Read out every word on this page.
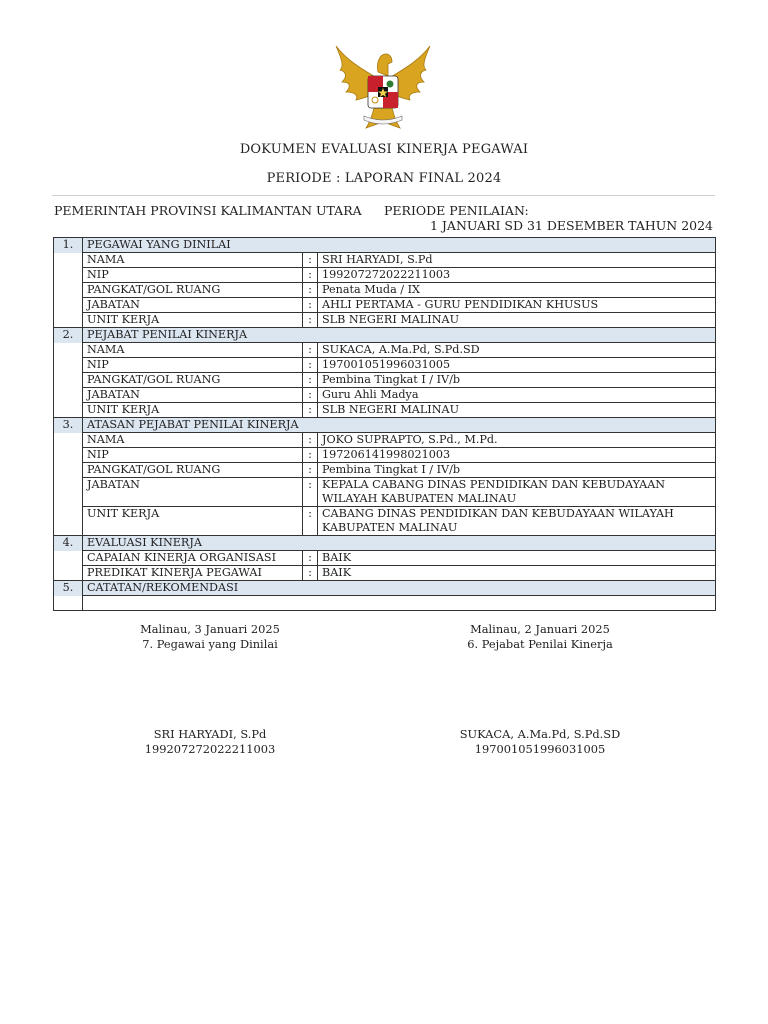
DOKUMEN EVALUASI KINERJA PEGAWAI
PERIODE : LAPORAN FINAL 2024
PEMERINTAH PROVINSI KALIMANTAN UTARA PERIODE PENILAIAN:
1 JANUARI SD 31 DESEMBER TAHUN 2024
1.	PEGAWAI YANG DINILAI		
	NAMA	:	SRI HARYADI, S.Pd
	NIP	:	199207272022211003
	PANGKAT/GOL RUANG	:	Penata Muda / IX
	JABATAN	:	AHLI PERTAMA - GURU PENDIDIKAN KHUSUS
	UNIT KERJA	:	SLB NEGERI MALINAU
2.	PEJABAT PENILAI KINERJA		
	NAMA	:	SUKACA, A.Ma.Pd, S.Pd.SD
	NIP	:	197001051996031005
	PANGKAT/GOL RUANG	:	Pembina Tingkat I / IV/b
	JABATAN	:	Guru Ahli Madya
	UNIT KERJA	:	SLB NEGERI MALINAU
3.	ATASAN PEJABAT PENILAI KINERJA		
	NAMA	:	JOKO SUPRAPTO, S.Pd., M.Pd.
	NIP	:	197206141998021003
	PANGKAT/GOL RUANG	:	Pembina Tingkat I / IV/b
	JABATAN	:	KEPALA CABANG DINAS PENDIDIKAN DAN KEBUDAYAAN WILAYAH KABUPATEN MALINAU
	UNIT KERJA	:	CABANG DINAS PENDIDIKAN DAN KEBUDAYAAN WILAYAH KABUPATEN MALINAU
4.	EVALUASI KINERJA		
	CAPAIAN KINERJA ORGANISASI	:	BAIK
	PREDIKAT KINERJA PEGAWAI	:	BAIK
5.	CATATAN/REKOMENDASI		

Malinau, 3 Januari 2025
7. Pegawai yang Dinilai
Malinau, 2 Januari 2025
6. Pejabat Penilai Kinerja
SRI HARYADI, S.Pd
199207272022211003
SUKACA, A.Ma.Pd, S.Pd.SD
197001051996031005
